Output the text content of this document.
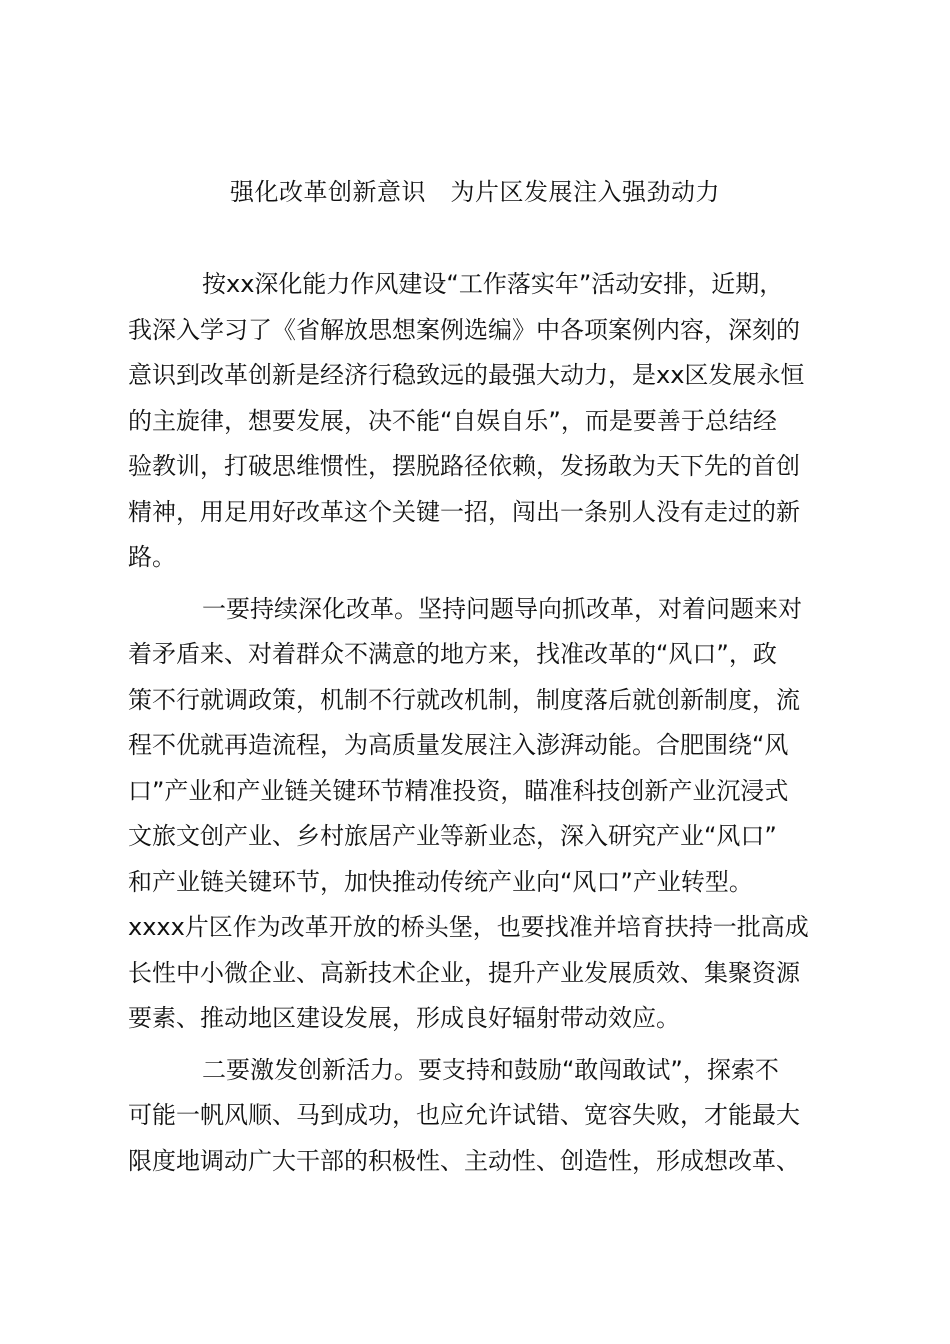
强化改革创新意识　为片区发展注入强劲动力
按xx深化能力作风建设“工作落实年”活动安排，近期，
我深入学习了《省解放思想案例选编》中各项案例内容，深刻的
意识到改革创新是经济行稳致远的最强大动力，是xx区发展永恒
的主旋律，想要发展，决不能“自娱自乐”，而是要善于总结经
验教训，打破思维惯性，摆脱路径依赖，发扬敢为天下先的首创
精神，用足用好改革这个关键一招，闯出一条别人没有走过的新
路。
一要持续深化改革。坚持问题导向抓改革，对着问题来对
着矛盾来、对着群众不满意的地方来，找准改革的“风口”，政
策不行就调政策，机制不行就改机制，制度落后就创新制度，流
程不优就再造流程，为高质量发展注入澎湃动能。合肥围绕“风
口”产业和产业链关键环节精准投资，瞄准科技创新产业沉浸式
文旅文创产业、乡村旅居产业等新业态，深入研究产业“风口”
和产业链关键环节，加快推动传统产业向“风口”产业转型。
xxxx片区作为改革开放的桥头堡，也要找准并培育扶持一批高成
长性中小微企业、高新技术企业，提升产业发展质效、集聚资源
要素、推动地区建设发展，形成良好辐射带动效应。
二要激发创新活力。要支持和鼓励“敢闯敢试”，探索不
可能一帆风顺、马到成功，也应允许试错、宽容失败，才能最大
限度地调动广大干部的积极性、主动性、创造性，形成想改革、
